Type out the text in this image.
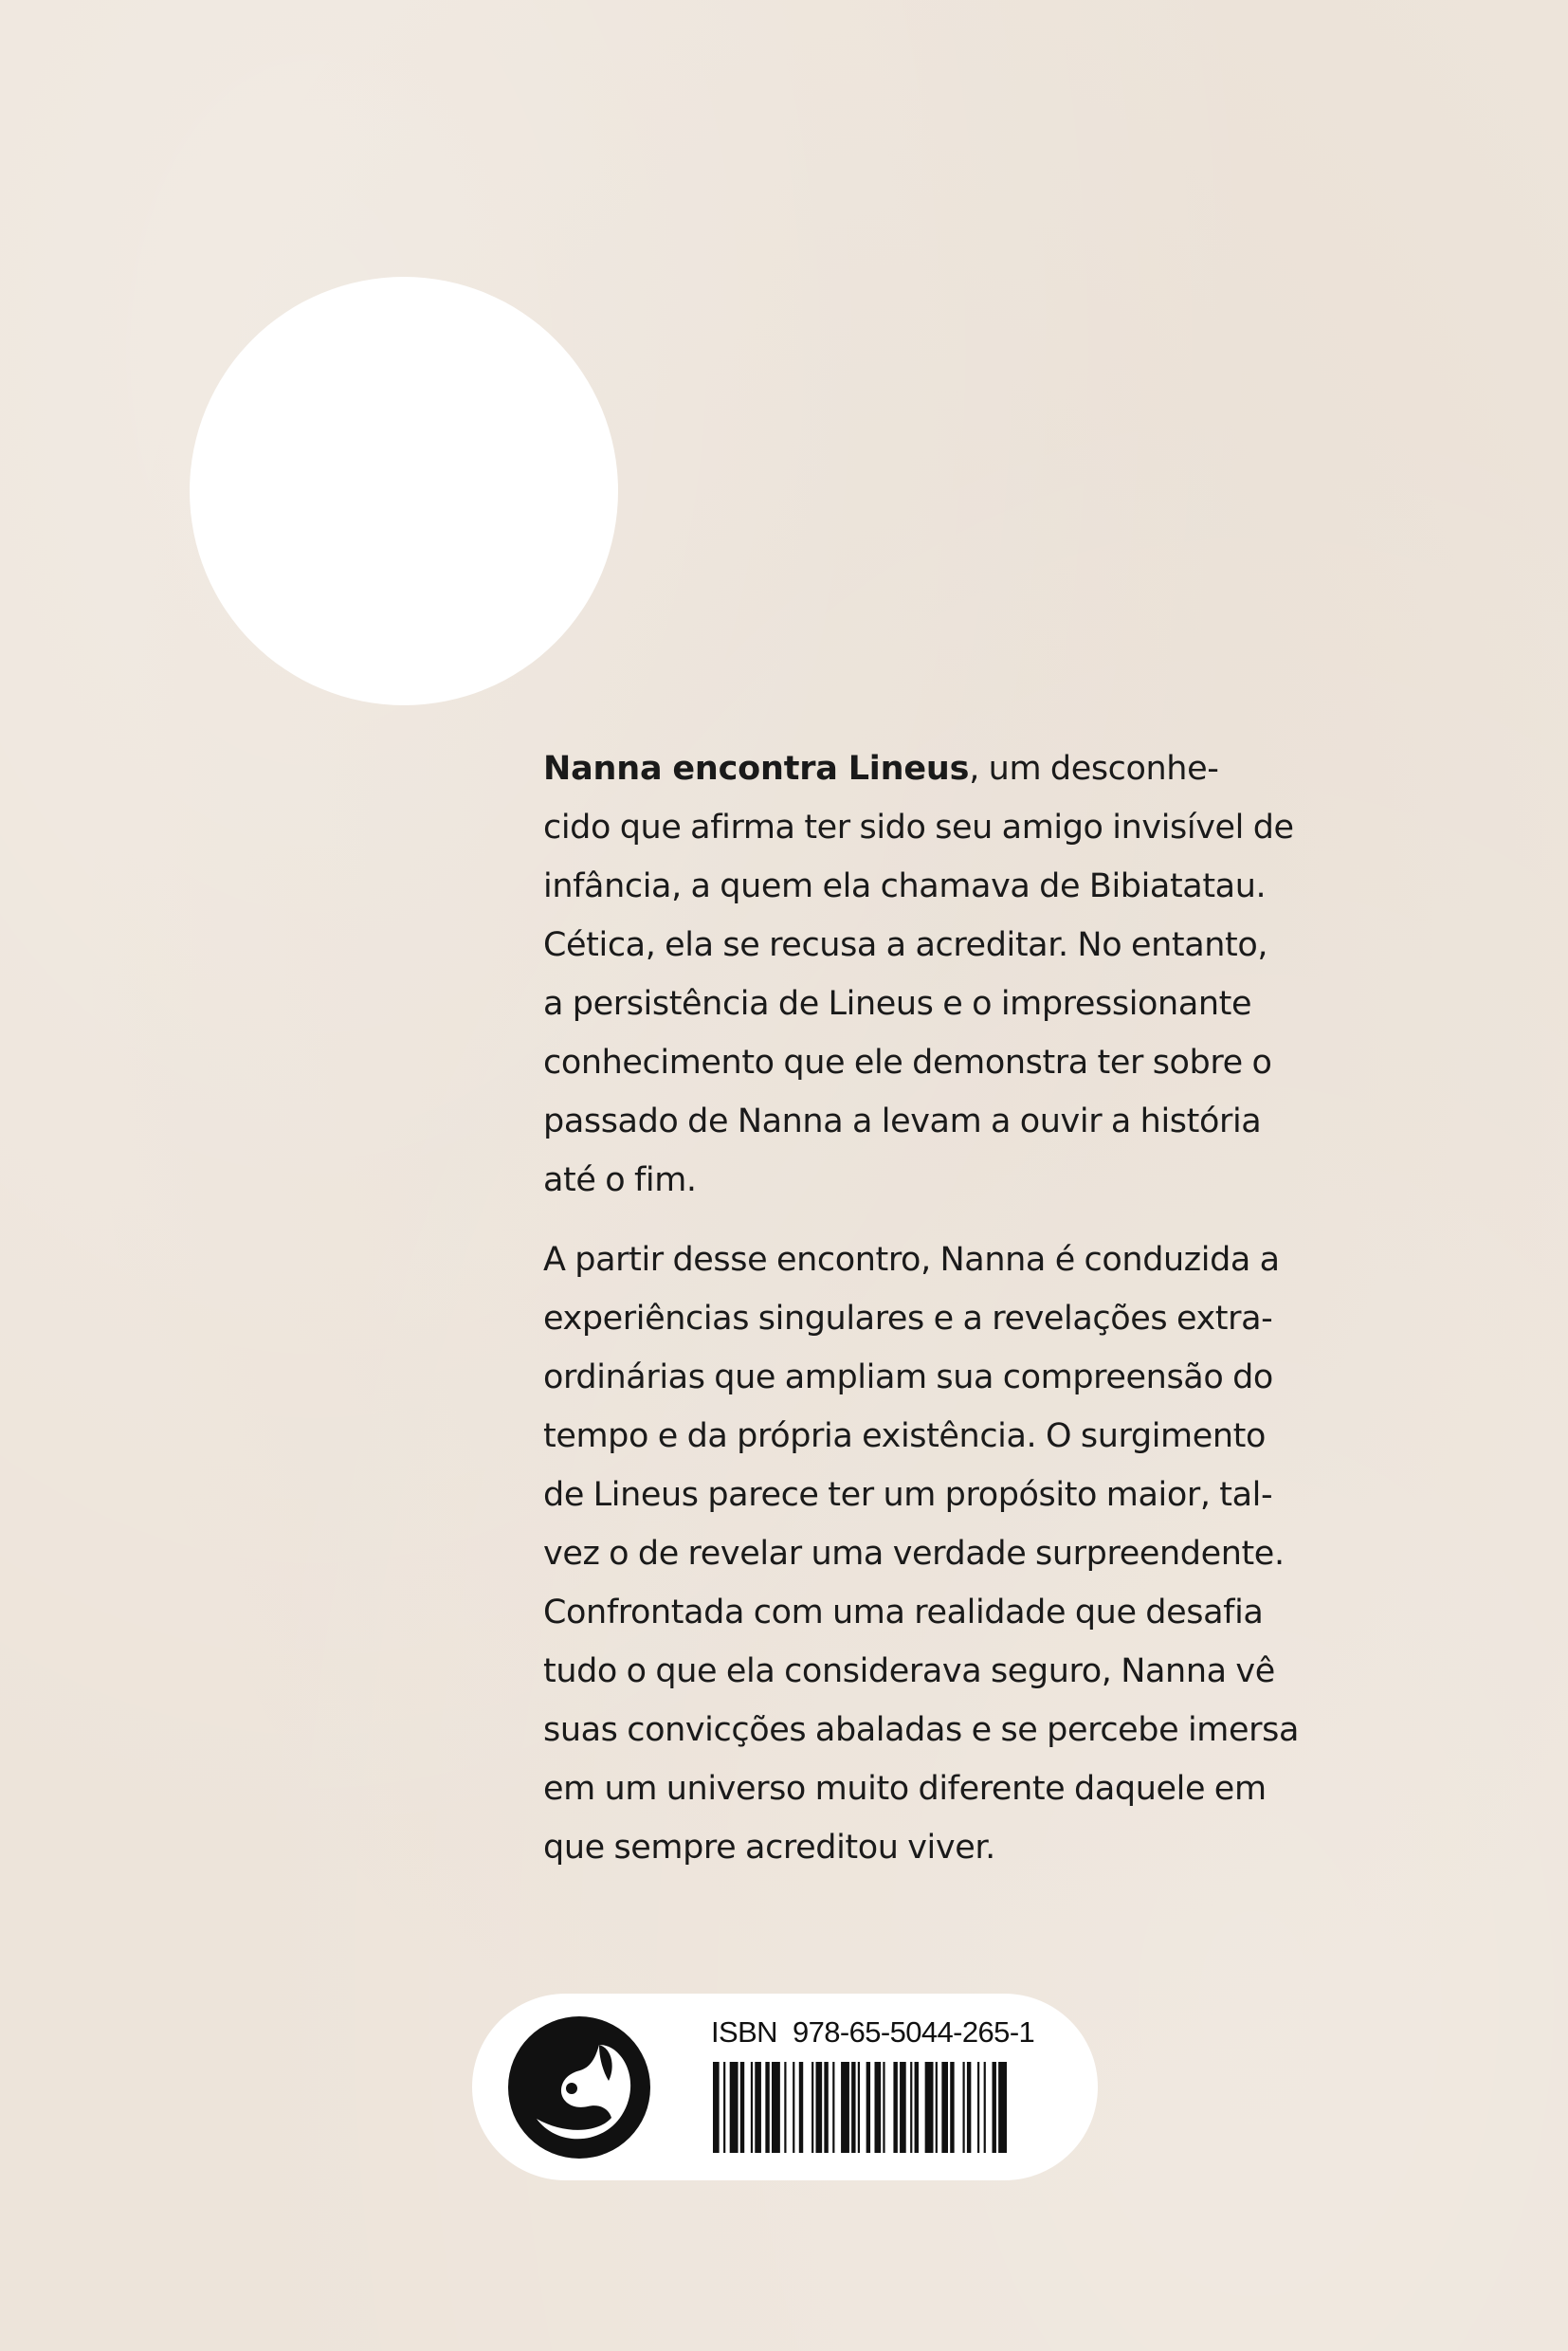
Nanna encontra Lineus, um desconhe-
cido que afirma ter sido seu amigo invisível de
infância, a quem ela chamava de Bibiatatau.
Cética, ela se recusa a acreditar. No entanto,
a persistência de Lineus e o impressionante
conhecimento que ele demonstra ter sobre o
passado de Nanna a levam a ouvir a história
até o fim.

A partir desse encontro, Nanna é conduzida a
experiências singulares e a revelações extra-
ordinárias que ampliam sua compreensão do
tempo e da própria existência. O surgimento
de Lineus parece ter um propósito maior, tal-
vez o de revelar uma verdade surpreendente.
Confrontada com uma realidade que desafia
tudo o que ela considerava seguro, Nanna vê
suas convicções abaladas e se percebe imersa
em um universo muito diferente daquele em
que sempre acreditou viver.

ISBN 978-65-5044-265-1
